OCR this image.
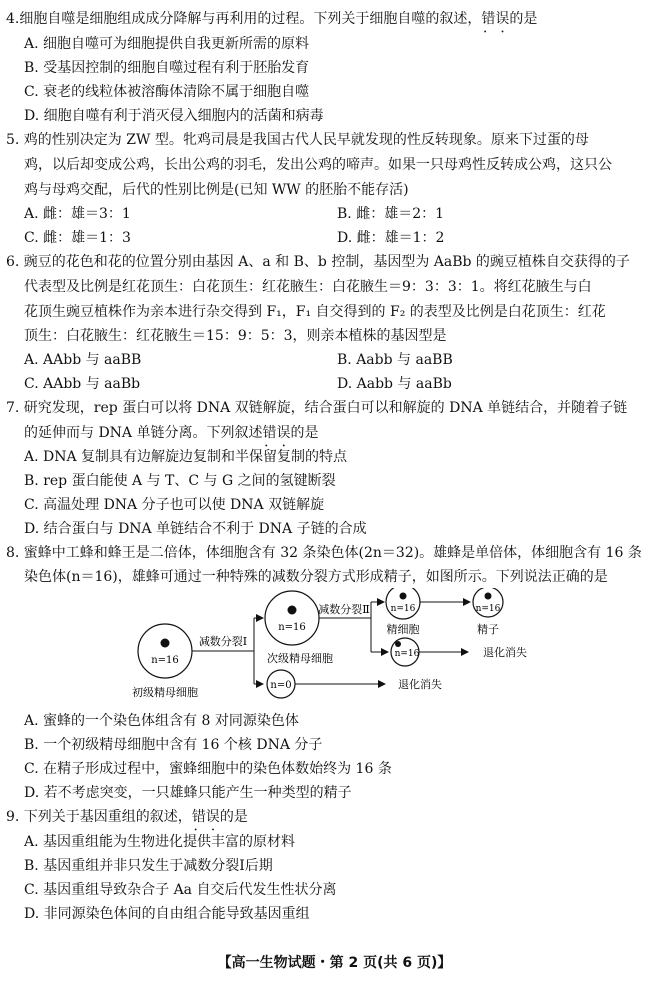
4.细胞自噬是细胞组成成分降解与再利用的过程。下列关于细胞自噬的叙述，错误 • •的是
A. 细胞自噬可为细胞提供自我更新所需的原料
B. 受基因控制的细胞自噬过程有利于胚胎发育
C. 衰老的线粒体被溶酶体清除不属于细胞自噬
D. 细胞自噬有利于消灭侵入细胞内的活菌和病毒
5. 鸡的性别决定为 ZW 型。牝鸡司晨是我国古代人民早就发现的性反转现象。原来下过蛋的母
鸡，以后却变成公鸡，长出公鸡的羽毛，发出公鸡的啼声。如果一只母鸡性反转成公鸡，这只公
鸡与母鸡交配，后代的性别比例是(已知 WW 的胚胎不能存活)
A. 雌：雄＝3：1	B. 雌：雄＝2：1
C. 雌：雄＝1：3	D. 雌：雄＝1：2
6. 豌豆的花色和花的位置分别由基因 A、a 和 B、b 控制，基因型为 AaBb 的豌豆植株自交获得的子
代表型及比例是红花顶生：白花顶生：红花腋生：白花腋生＝9：3：3：1。将红花腋生与白
花顶生豌豆植株作为亲本进行杂交得到 F₁，F₁ 自交得到的 F₂ 的表型及比例是白花顶生：红花
顶生：白花腋生：红花腋生＝15：9：5：3，则亲本植株的基因型是
A. AAbb 与 aaBB	B. Aabb 与 aaBB
C. AAbb 与 aaBb	D. Aabb 与 aaBb
7. 研究发现，rep 蛋白可以将 DNA 双链解旋，结合蛋白可以和解旋的 DNA 单链结合，并随着子链
的延伸而与 DNA 单链分离。下列叙述错误 • •的是
A. DNA 复制具有边解旋边复制和半保留复制的特点
B. rep 蛋白能使 A 与 T、C 与 G 之间的氢键断裂
C. 高温处理 DNA 分子也可以使 DNA 双链解旋
D. 结合蛋白与 DNA 单链结合不利于 DNA 子链的合成
8. 蜜蜂中工蜂和蜂王是二倍体，体细胞含有 32 条染色体(2n＝32)。雄蜂是单倍体，体细胞含有 16 条
染色体(n＝16)，雄蜂可通过一种特殊的减数分裂方式形成精子，如图所示。下列说法正确的是
n=16
初级精母细胞
减数分裂Ⅰ
n=16
次级精母细胞
n=0	退化消失
减数分裂Ⅱ n=16
精细胞
n=16
精子
n=16	退化消失
A. 蜜蜂的一个染色体组含有 8 对同源染色体
B. 一个初级精母细胞中含有 16 个核 DNA 分子
C. 在精子形成过程中，蜜蜂细胞中的染色体数始终为 16 条
D. 若不考虑突变，一只雄蜂只能产生一种类型的精子
9. 下列关于基因重组的叙述，错误 • •的是
A. 基因重组能为生物进化提供丰富的原材料
B. 基因重组并非只发生于减数分裂Ⅰ后期
C. 基因重组导致杂合子 Aa 自交后代发生性状分离
D. 非同源染色体间的自由组合能导致基因重组
【高一生物试题・第 2 页(共 6 页)】
